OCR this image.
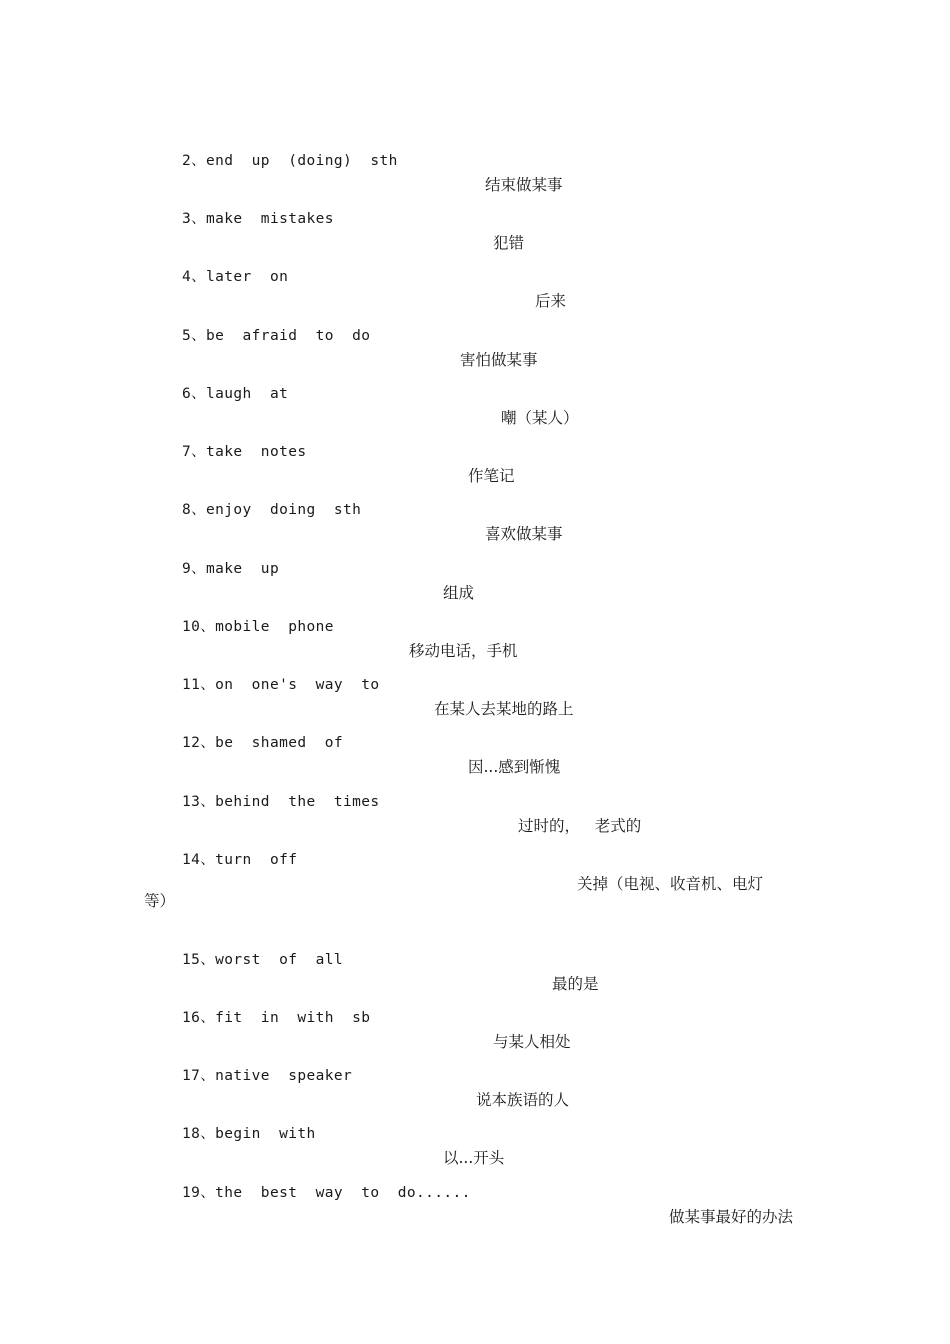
2、end  up  (doing)  sth

结束做某事

3、make  mistakes

犯错

4、later  on

后来

5、be  afraid  to  do

害怕做某事

6、laugh  at

嘲（某人）

7、take  notes

作笔记

8、enjoy  doing  sth

喜欢做某事

9、make  up

组成

10、mobile  phone

移动电话，手机

11、on  one's  way  to

在某人去某地的路上

12、be  shamed  of

因...感到惭愧

13、behind  the  times

过时的，   老式的

14、turn  off

关掉（电视、收音机、电灯

等）

15、worst  of  all

最的是

16、fit  in  with  sb

与某人相处

17、native  speaker

说本族语的人

18、begin  with

以...开头

19、the  best  way  to  do......

做某事最好的办法
